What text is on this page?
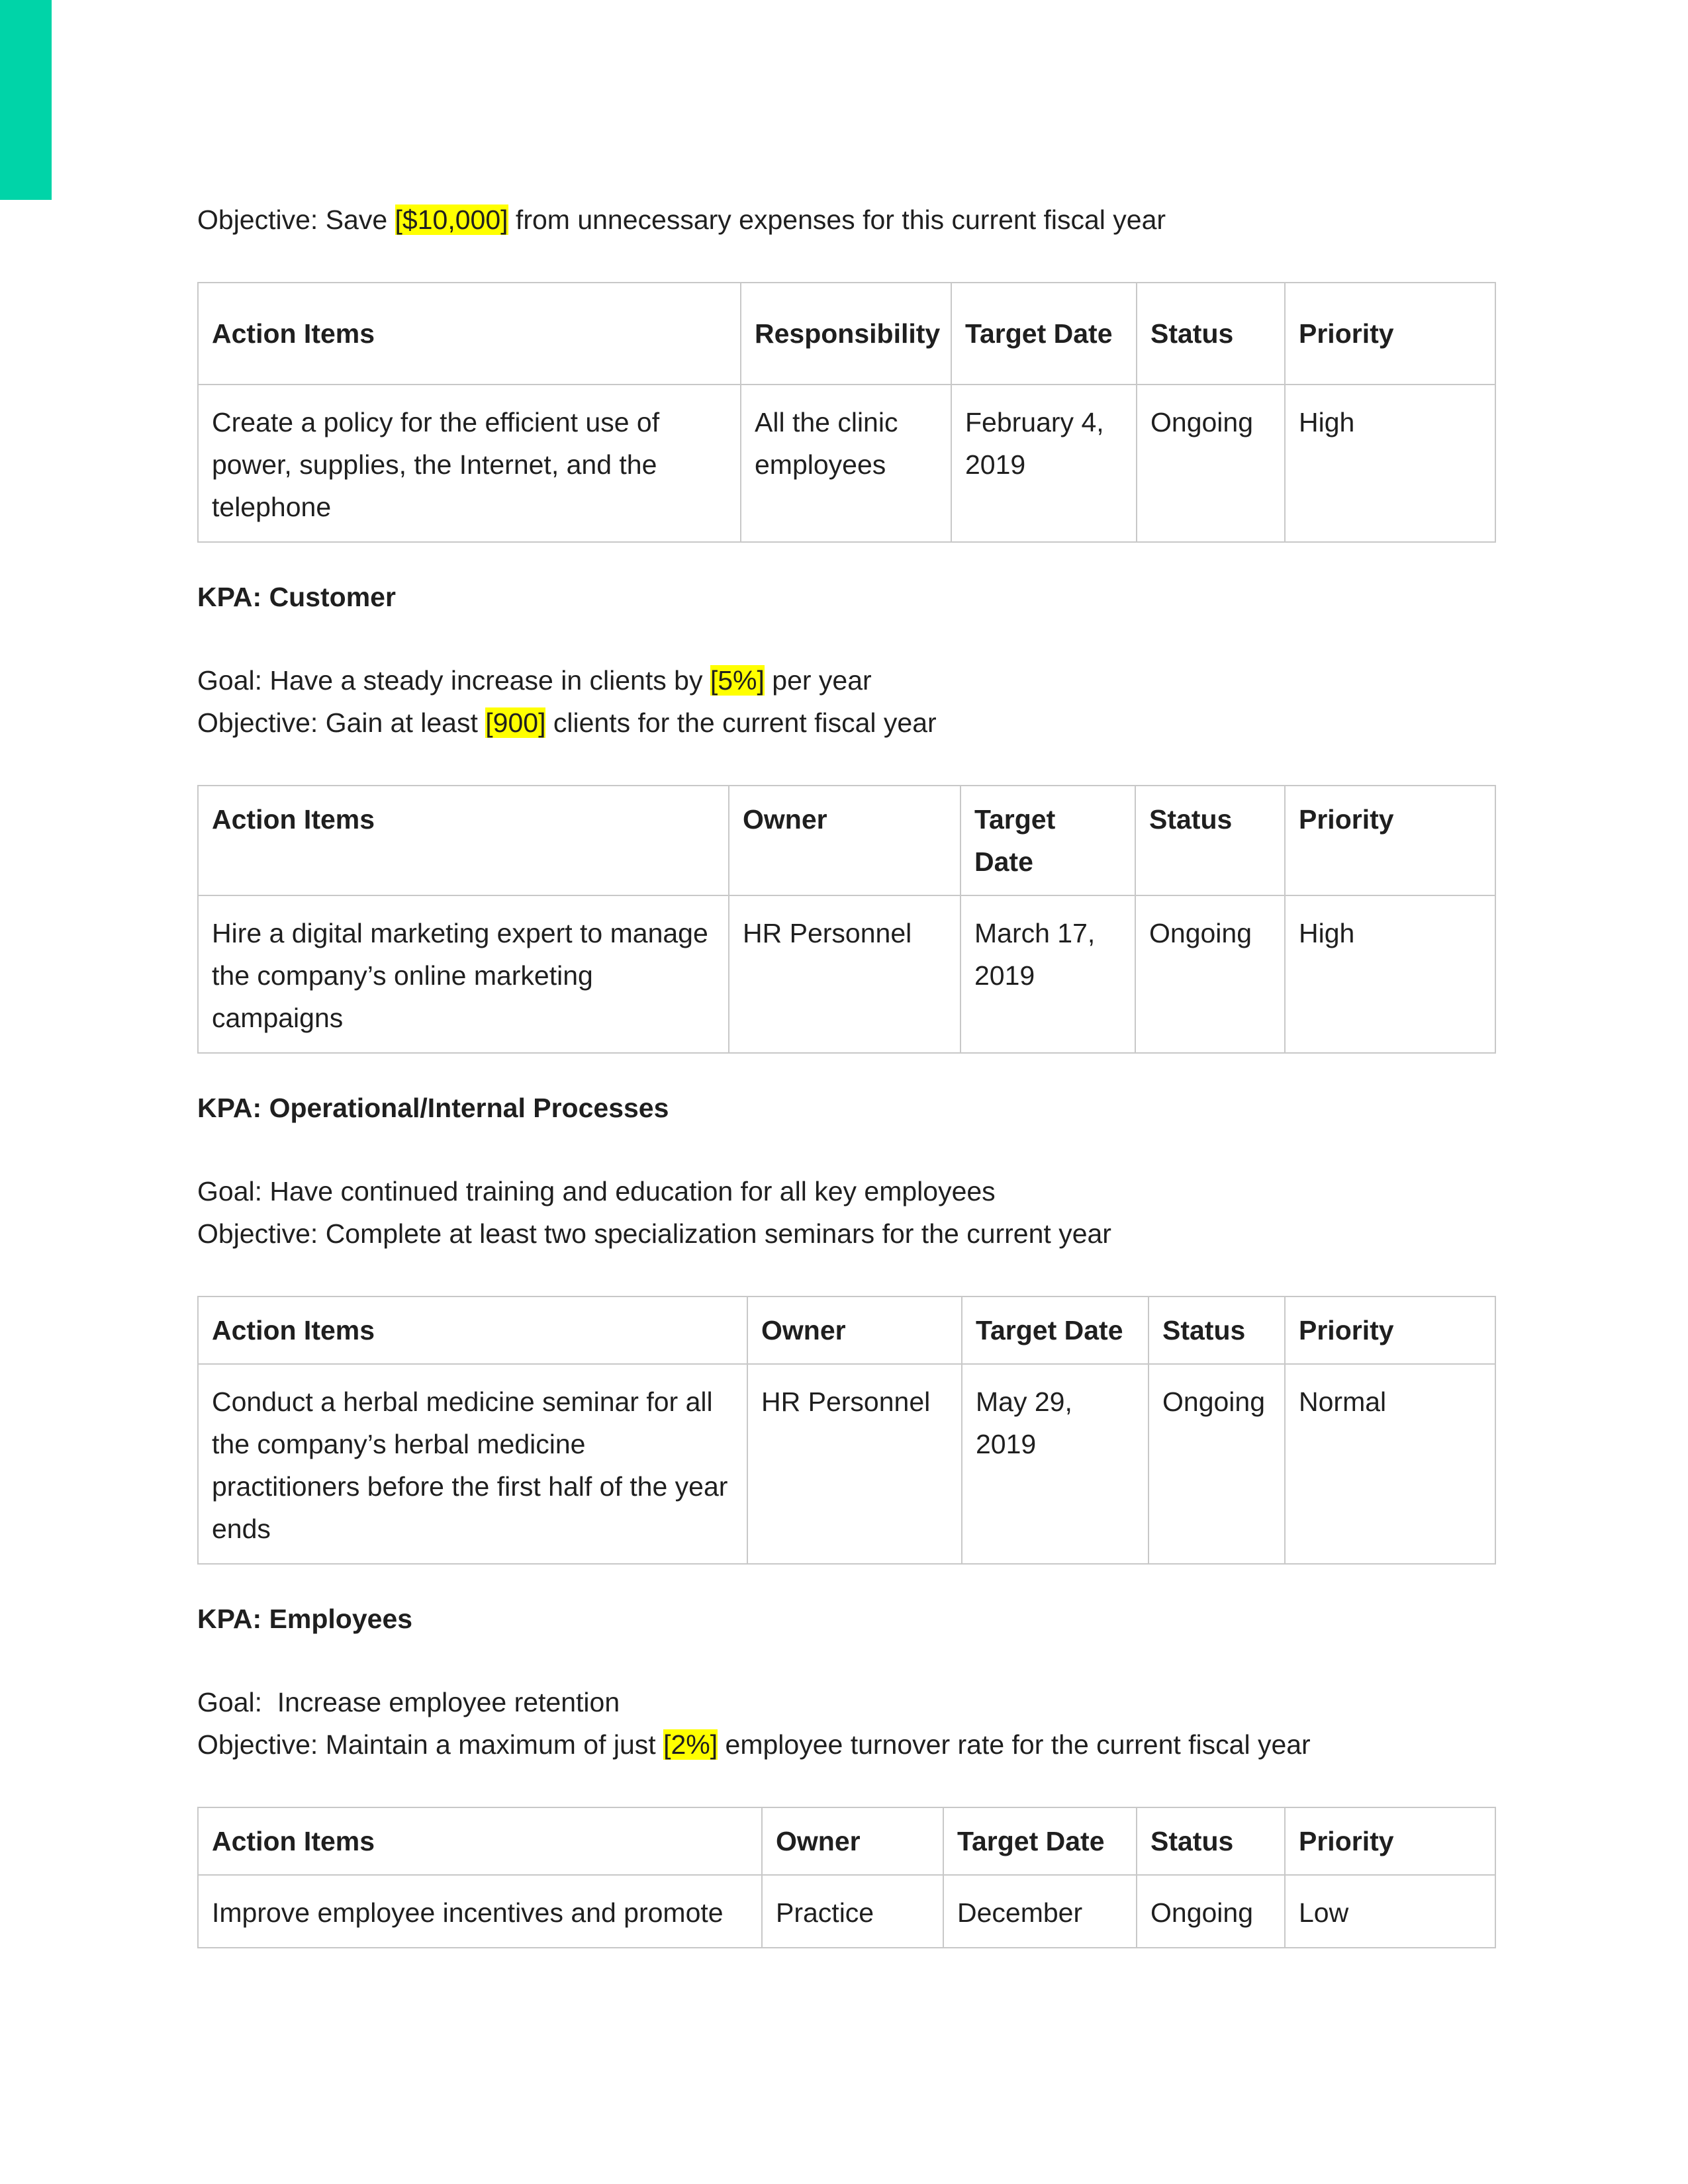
Objective: Save [$10,000] from unnecessary expenses for this current fiscal year

Action Items	Responsibility	Target Date	Status	Priority
Create a policy for the efficient use of power, supplies, the Internet, and the telephone	All the clinic employees	February 4, 2019	Ongoing	High

KPA: Customer

Goal: Have a steady increase in clients by [5%] per year

Objective: Gain at least [900] clients for the current fiscal year

Action Items	Owner	Target Date	Status	Priority
Hire a digital marketing expert to manage the company’s online marketing campaigns	HR Personnel	March 17, 2019	Ongoing	High

KPA: Operational/Internal Processes

Goal: Have continued training and education for all key employees

Objective: Complete at least two specialization seminars for the current year

Action Items	Owner	Target Date	Status	Priority
Conduct a herbal medicine seminar for all the company’s herbal medicine practitioners before the first half of the year ends	HR Personnel	May 29, 2019	Ongoing	Normal

KPA: Employees

Goal:  Increase employee retention

Objective: Maintain a maximum of just [2%] employee turnover rate for the current fiscal year

Action Items	Owner	Target Date	Status	Priority
Improve employee incentives and promote	Practice	December	Ongoing	Low
